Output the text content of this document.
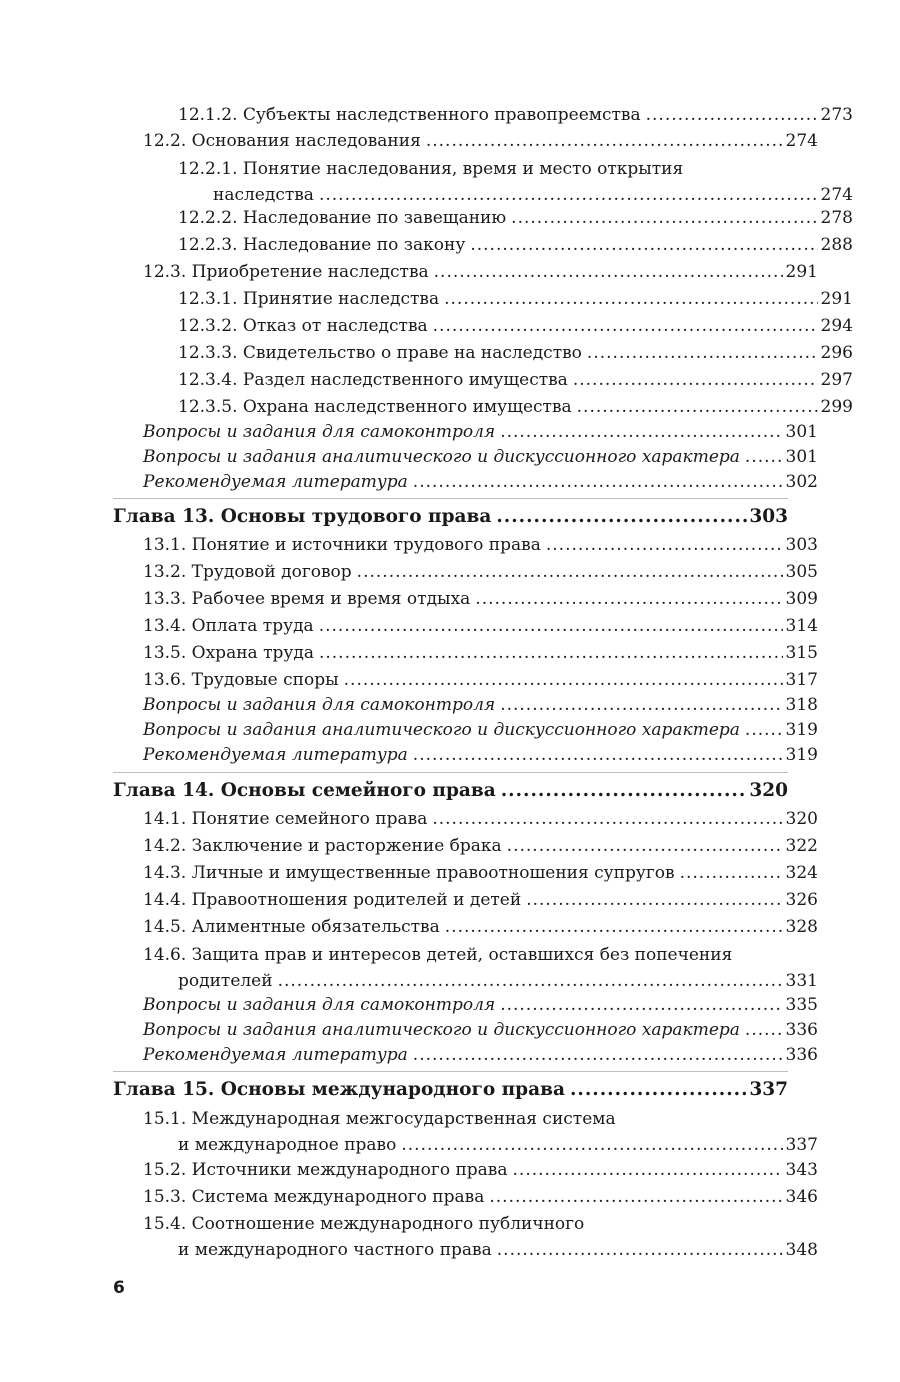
12.1.2. Субъекты наследственного правопреемства .....	273
12.2. Основания наследования .....	274
12.2.1. Понятие наследования, время и место открытия
наследства .....	274
12.2.2. Наследование по завещанию .....	278
12.2.3. Наследование по закону .....	288
12.3. Приобретение наследства .....	291
12.3.1. Принятие наследства .....	291
12.3.2. Отказ от наследства .....	294
12.3.3. Свидетельство о праве на наследство .....	296
12.3.4. Раздел наследственного имущества .....	297
12.3.5. Охрана наследственного имущества .....	299
Вопросы и задания для самоконтроля .....	301
Вопросы и задания аналитического и дискуссионного характера .....	301
Рекомендуемая литература .....	302
Глава 13. Основы трудового права .....	303
13.1. Понятие и источники трудового права .....	303
13.2. Трудовой договор .....	305
13.3. Рабочее время и время отдыха .....	309
13.4. Оплата труда .....	314
13.5. Охрана труда .....	315
13.6. Трудовые споры .....	317
Вопросы и задания для самоконтроля .....	318
Вопросы и задания аналитического и дискуссионного характера .....	319
Рекомендуемая литература .....	319
Глава 14. Основы семейного права .....	320
14.1. Понятие семейного права .....	320
14.2. Заключение и расторжение брака .....	322
14.3. Личные и имущественные правоотношения супругов .....	324
14.4. Правоотношения родителей и детей .....	326
14.5. Алиментные обязательства .....	328
14.6. Защита прав и интересов детей, оставшихся без попечения
родителей .....	331
Вопросы и задания для самоконтроля .....	335
Вопросы и задания аналитического и дискуссионного характера .....	336
Рекомендуемая литература .....	336
Глава 15. Основы международного права .....	337
15.1. Международная межгосударственная система
и международное право .....	337
15.2. Источники международного права .....	343
15.3. Система международного права .....	346
15.4. Соотношение международного публичного
и международного частного права .....	348
6
